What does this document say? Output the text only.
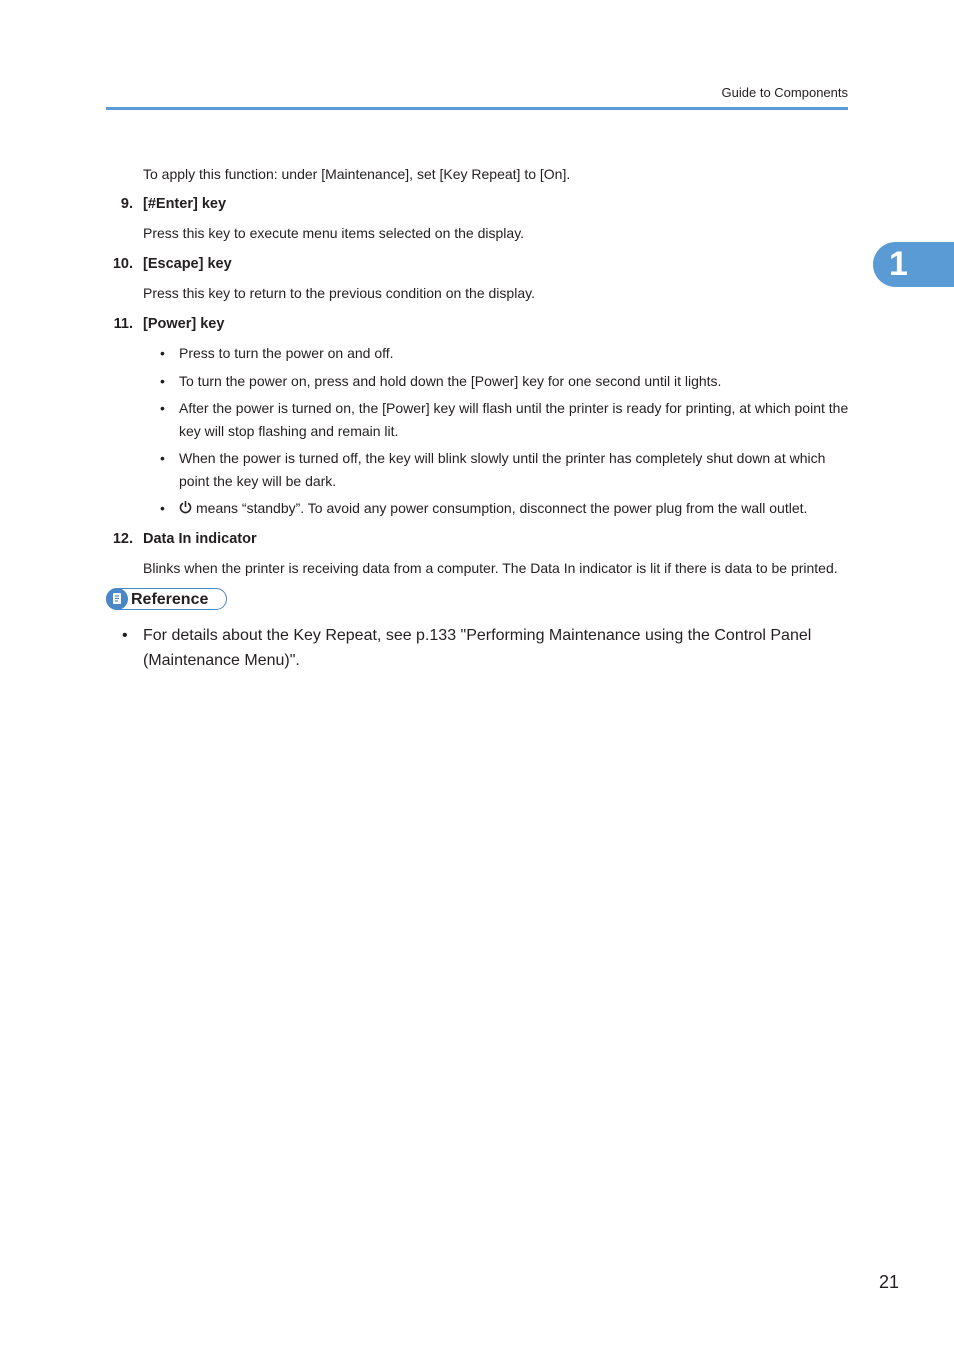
Guide to Components
1
To apply this function: under [Maintenance], set [Key Repeat] to [On].
9. [#Enter] key
Press this key to execute menu items selected on the display.
10. [Escape] key
Press this key to return to the previous condition on the display.
11. [Power] key
• Press to turn the power on and off.
• To turn the power on, press and hold down the [Power] key for one second until it lights.
• After the power is turned on, the [Power] key will flash until the printer is ready for printing, at which point the key will stop flashing and remain lit.
• When the power is turned off, the key will blink slowly until the printer has completely shut down at which point the key will be dark.
•	means “standby”. To avoid any power consumption, disconnect the power plug from the wall outlet.
12. Data In indicator
Blinks when the printer is receiving data from a computer. The Data In indicator is lit if there is data to be printed.
Reference
• For details about the Key Repeat, see p.133 "Performing Maintenance using the Control Panel (Maintenance Menu)".
21
